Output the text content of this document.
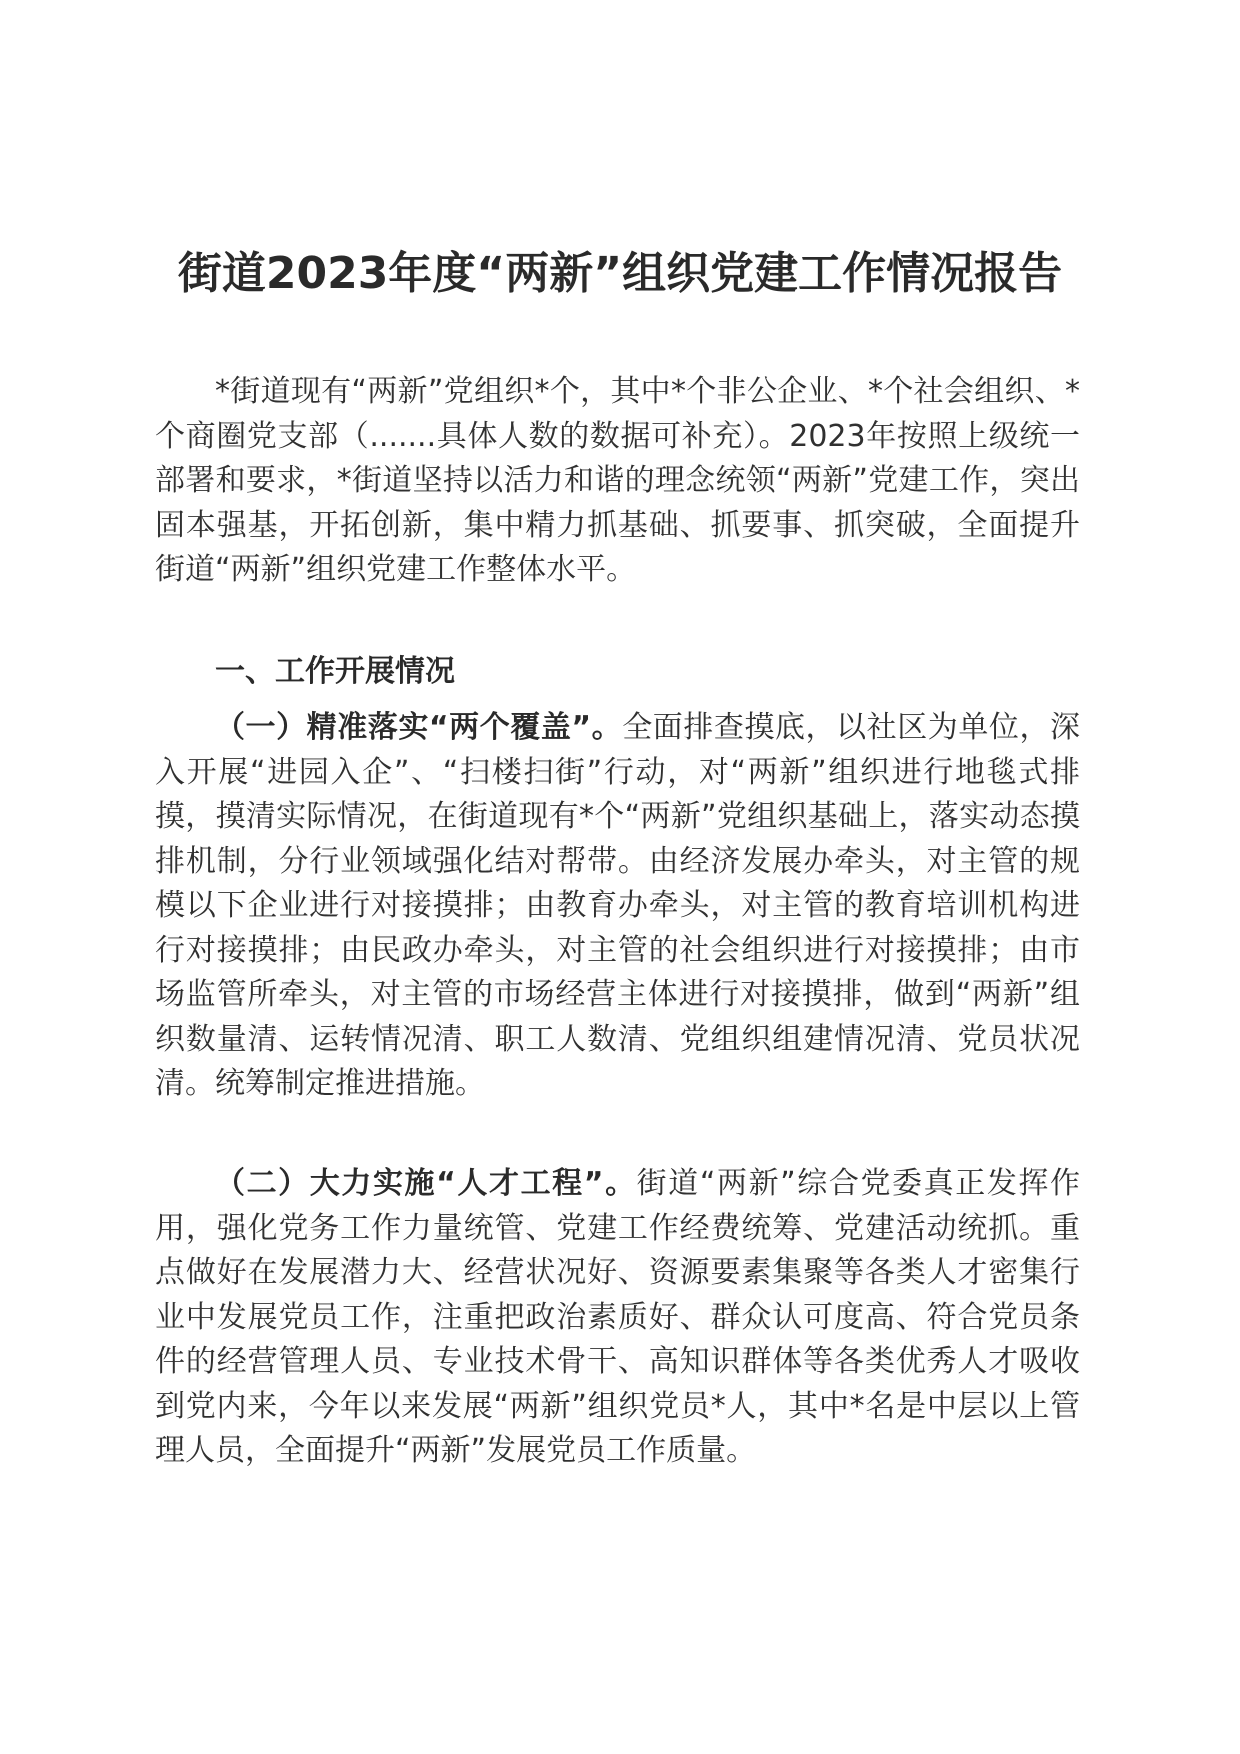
街道2023年度“两新”组织党建工作情况报告

*街道现有“两新”党组织*个，其中*个非公企业、*个社会组织、*个商圈党支部（.......具体人数的数据可补充）。2023年按照上级统一部署和要求，*街道坚持以活力和谐的理念统领“两新”党建工作，突出固本强基，开拓创新，集中精力抓基础、抓要事、抓突破，全面提升街道“两新”组织党建工作整体水平。

一、工作开展情况

（一）精准落实“两个覆盖”。全面排查摸底，以社区为单位，深入开展“进园入企”、“扫楼扫街”行动，对“两新”组织进行地毯式排摸，摸清实际情况，在街道现有*个“两新”党组织基础上，落实动态摸排机制，分行业领域强化结对帮带。由经济发展办牵头，对主管的规模以下企业进行对接摸排；由教育办牵头，对主管的教育培训机构进行对接摸排；由民政办牵头，对主管的社会组织进行对接摸排；由市场监管所牵头，对主管的市场经营主体进行对接摸排，做到“两新”组织数量清、运转情况清、职工人数清、党组织组建情况清、党员状况清。统筹制定推进措施。

（二）大力实施“人才工程”。街道“两新”综合党委真正发挥作用，强化党务工作力量统管、党建工作经费统筹、党建活动统抓。重点做好在发展潜力大、经营状况好、资源要素集聚等各类人才密集行业中发展党员工作，注重把政治素质好、群众认可度高、符合党员条件的经营管理人员、专业技术骨干、高知识群体等各类优秀人才吸收到党内来，今年以来发展“两新”组织党员*人，其中*名是中层以上管理人员，全面提升“两新”发展党员工作质量。
